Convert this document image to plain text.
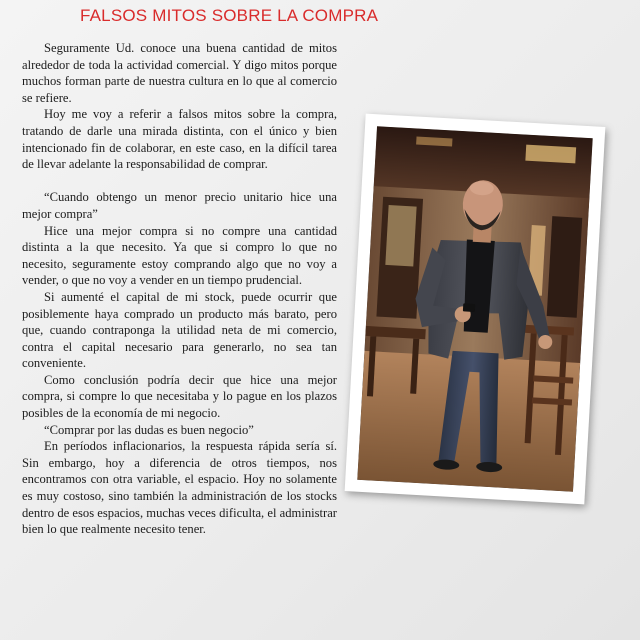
FALSOS MITOS SOBRE LA COMPRA

Seguramente Ud. conoce una buena cantidad de mitos alrededor de toda la actividad comercial. Y digo mitos porque muchos forman parte de nuestra cultura en lo que al comercio se refiere.

Hoy me voy a referir a falsos mitos sobre la compra, tratando de darle una mirada distinta, con el único y bien intencionado fin de colaborar, en este caso, en la difícil tarea de llevar adelante la responsabilidad de comprar.

“Cuando obtengo un menor precio unitario hice una mejor compra”

Hice una mejor compra si no compre una cantidad distinta a la que necesito. Ya que si compro lo que no necesito, seguramente estoy comprando algo que no voy a vender, o que no voy a vender en un tiempo prudencial.

Si aumenté el capital de mi stock, puede ocurrir que posiblemente haya comprado un producto más barato, pero que, cuando contraponga la utilidad neta de mi comercio, contra el capital necesario para generarlo, no sea tan conveniente.

Como conclusión podría decir que hice una mejor compra, si compre lo que necesitaba y lo pague en los plazos posibles de la economía de mi negocio.

“Comprar por las dudas es buen negocio”

En períodos inflacionarios, la respuesta rápida sería sí. Sin embargo, hoy a diferencia de otros tiempos, nos encontramos con otra variable, el espacio. Hoy no solamente es muy costoso, sino también la administración de los stocks dentro de esos espacios, muchas veces dificulta, el administrar bien lo que realmente necesito tener.
